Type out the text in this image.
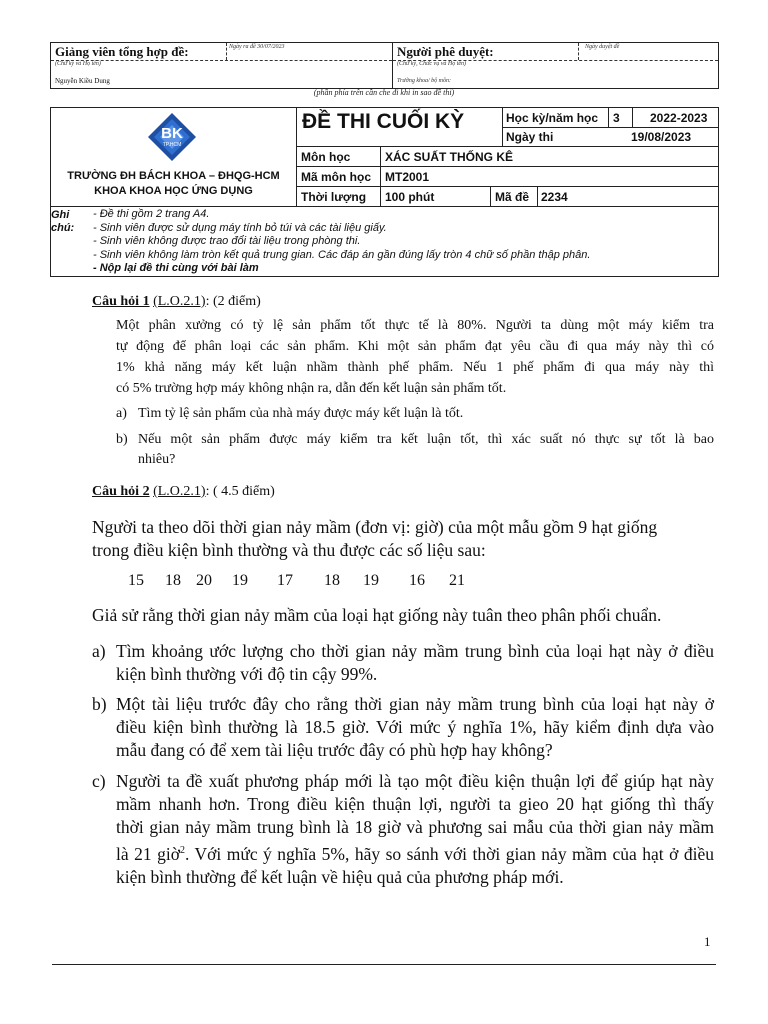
Giảng viên tổng hợp đề:	Ngày ra đề 30/07/2023
(Chữ ký và Họ tên)
Nguyễn Kiều Dung
Người phê duyệt:	Ngày duyệt đề
(Chữ ký, Chức vụ và Họ tên)
Trường khoa/ bộ môn:
(phần phía trên cần che đi khi in sao đề thi)
BK
TP.HCM
TRƯỜNG ĐH BÁCH KHOA – ĐHQG-HCM
KHOA KHOA HỌC ỨNG DỤNG
ĐỀ THI CUỐI KỲ	Học kỳ/năm học 3	2022-2023
Ngày thi	19/08/2023
Môn học	XÁC SUẤT THỐNG KÊ
Mã môn học MT2001
Thời lượng 100 phút	Mã đề 2234
Ghi
chú:
- Đề thi gồm 2 trang A4.
- Sinh viên được sử dụng máy tính bỏ túi và các tài liệu giấy.
- Sinh viên không được trao đổi tài liệu trong phòng thi.
- Sinh viên không làm tròn kết quả trung gian. Các đáp án gần đúng lấy tròn 4 chữ số phần thập phân.
- Nộp lại đề thi cùng với bài làm
Câu hỏi 1 (L.O.2.1): (2 điểm)
Một phân xưởng có tỷ lệ sản phẩm tốt thực tế là 80%. Người ta dùng một máy kiểm tra
tự động để phân loại các sản phẩm. Khi một sản phẩm đạt yêu cầu đi qua máy này thì có
1% khả năng máy kết luận nhầm thành phế phẩm. Nếu 1 phế phẩm đi qua máy này thì
có 5% trường hợp máy không nhận ra, dẫn đến kết luận sản phẩm tốt.
a) Tìm tỷ lệ sản phẩm của nhà máy được máy kết luận là tốt.
b) Nếu một sản phẩm được máy kiểm tra kết luận tốt, thì xác suất nó thực sự tốt là bao
nhiêu?
Câu hỏi 2 (L.O.2.1): ( 4.5 điểm)
Người ta theo dõi thời gian nảy mầm (đơn vị: giờ) của một mẫu gồm 9 hạt giống
trong điều kiện bình thường và thu được các số liệu sau:
15 18 20 19 17 18 19 16 21
Giả sử rằng thời gian nảy mầm của loại hạt giống này tuân theo phân phối chuẩn.
a) Tìm khoảng ước lượng cho thời gian nảy mầm trung bình của loại hạt này ở điều
kiện bình thường với độ tin cậy 99%.
b) Một tài liệu trước đây cho rằng thời gian nảy mầm trung bình của loại hạt này ở
điều kiện bình thường là 18.5 giờ. Với mức ý nghĩa 1%, hãy kiểm định dựa vào
mẫu đang có để xem tài liệu trước đây có phù hợp hay không?
c) Người ta đề xuất phương pháp mới là tạo một điều kiện thuận lợi để giúp hạt này
mầm nhanh hơn. Trong điều kiện thuận lợi, người ta gieo 20 hạt giống thì thấy
thời gian nảy mầm trung bình là 18 giờ và phương sai mẫu của thời gian nảy mầm
là 21 giờ$^2$. Với mức ý nghĩa 5%, hãy so sánh với thời gian nảy mầm của hạt ở điều
kiện bình thường để kết luận về hiệu quả của phương pháp mới.
1
